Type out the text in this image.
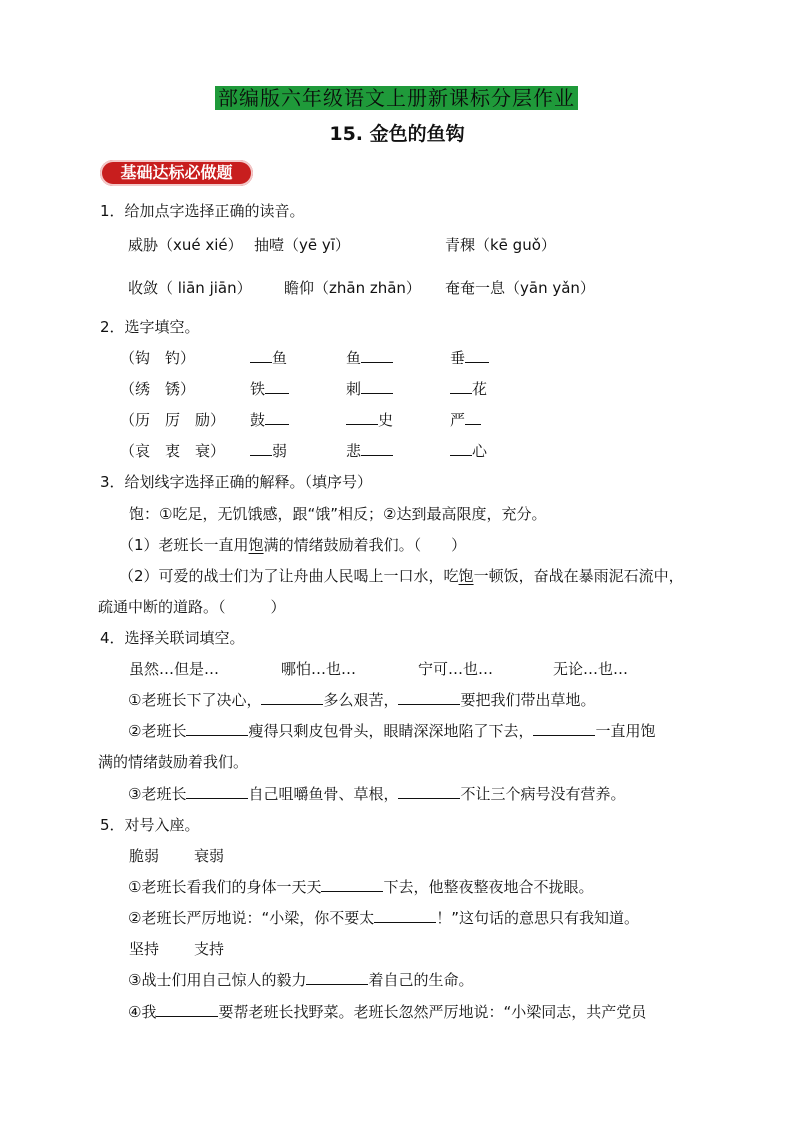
部编版六年级语文上册新课标分层作业
15. 金色的鱼钩
基础达标必做题
1．给加点字选择正确的读音。
威胁（xué xié） 抽噎（yē yī）	青稞（kē guǒ）
收敛（ liān jiān） 瞻仰（zhān zhān） 奄奄一息（yān yǎn）
2．选字填空。
（钩　钓）	鱼	鱼	垂
（绣　锈）	铁	刺	花
（历　厉　励） 鼓	史	严
（哀　衷　衰）	弱	悲	心
3．给划线字选择正确的解释。（填序号）
饱：①吃足，无饥饿感，跟“饿”相反；②达到最高限度，充分。
（1）老班长一直用饱满的情绪鼓励着我们。（　　）
（2）可爱的战士们为了让舟曲人民喝上一口水，吃饱一顿饭，奋战在暴雨泥石流中，
疏通中断的道路。（　　　）
4．选择关联词填空。
虽然…但是…	哪怕…也…	宁可…也…	无论…也…
①老班长下了决心，	多么艰苦，	要把我们带出草地。
②老班长	瘦得只剩皮包骨头，眼睛深深地陷了下去，	一直用饱
满的情绪鼓励着我们。
③老班长	自己咀嚼鱼骨、草根，	不让三个病号没有营养。
5．对号入座。
脆弱 衰弱
①老班长看我们的身体一天天	下去，他整夜整夜地合不拢眼。
②老班长严厉地说：“小梁，你不要太	！”这句话的意思只有我知道。
坚持 支持
③战士们用自己惊人的毅力	着自己的生命。
④我	要帮老班长找野菜。老班长忽然严厉地说：“小梁同志，共产党员
